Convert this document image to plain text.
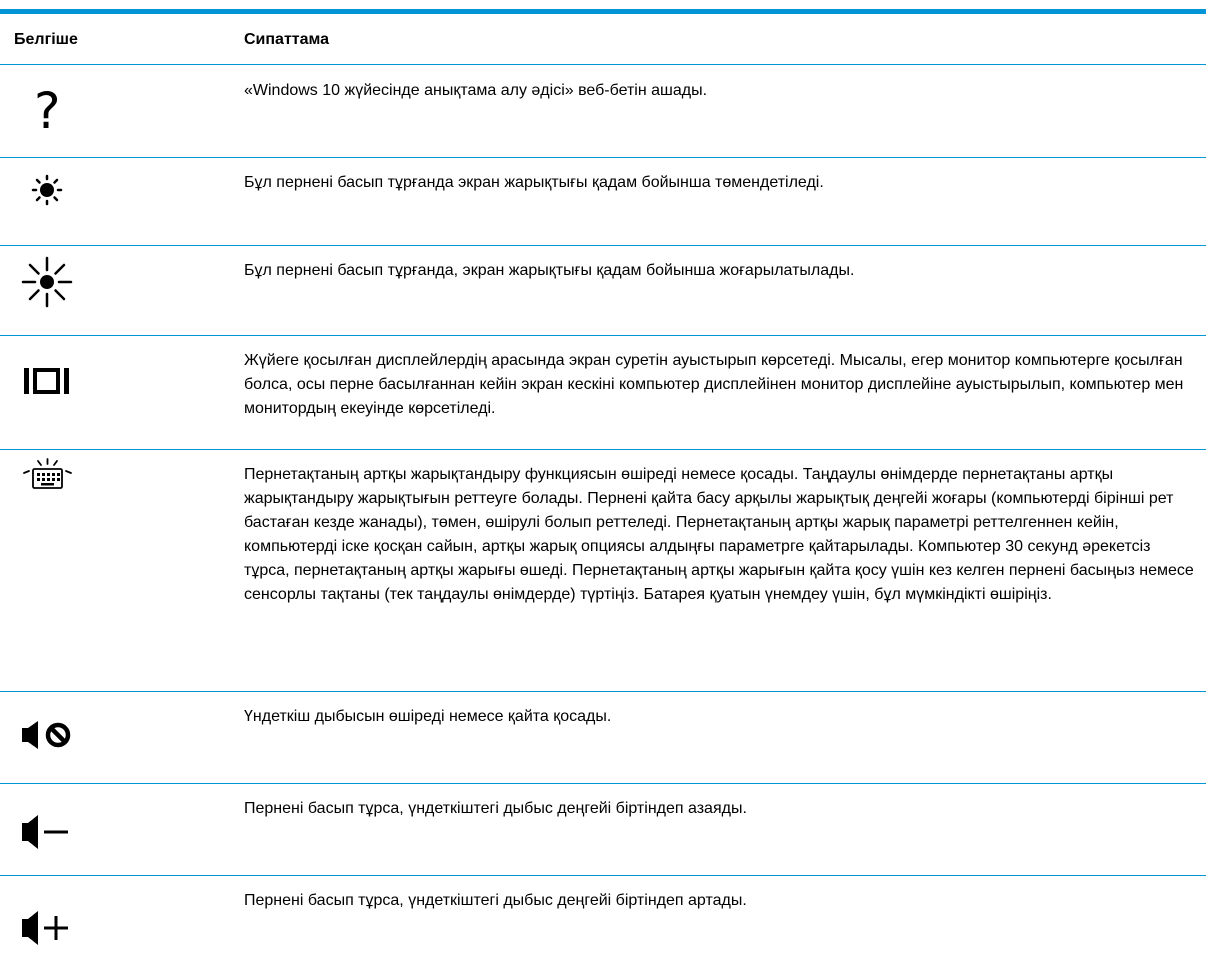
Белгіше	Сипаттама
?	«Windows 10 жүйесінде анықтама алу әдісі» веб-бетін ашады.
Бұл пернені басып тұрғанда экран жарықтығы қадам бойынша төмендетіледі.
Бұл пернені басып тұрғанда, экран жарықтығы қадам бойынша жоғарылатылады.
Жүйеге қосылған дисплейлердің арасында экран суретін ауыстырып көрсетеді. Мысалы, егер монитор компьютерге қосылған болса, осы перне басылғаннан кейін экран кескіні компьютер дисплейінен монитор дисплейіне ауыстырылып, компьютер мен монитордың екеуінде көрсетіледі.
Пернетақтаның артқы жарықтандыру функциясын өшіреді немесе қосады. Таңдаулы өнімдерде пернетақтаны артқы жарықтандыру жарықтығын реттеуге болады. Пернені қайта басу арқылы жарықтық деңгейі жоғары (компьютерді бірінші рет бастаған кезде жанады), төмен, өшірулі болып реттеледі. Пернетақтаның артқы жарық параметрі реттелгеннен кейін, компьютерді іске қосқан сайын, артқы жарық опциясы алдыңғы параметрге қайтарылады. Компьютер 30 секунд әрекетсіз тұрса, пернетақтаның артқы жарығы өшеді. Пернетақтаның артқы жарығын қайта қосу үшін кез келген пернені басыңыз немесе сенсорлы тақтаны (тек таңдаулы өнімдерде) түртіңіз. Батарея қуатын үнемдеу үшін, бұл мүмкіндікті өшіріңіз.
Үндеткіш дыбысын өшіреді немесе қайта қосады.
Пернені басып тұрса, үндеткіштегі дыбыс деңгейі біртіндеп азаяды.
Пернені басып тұрса, үндеткіштегі дыбыс деңгейі біртіндеп артады.
